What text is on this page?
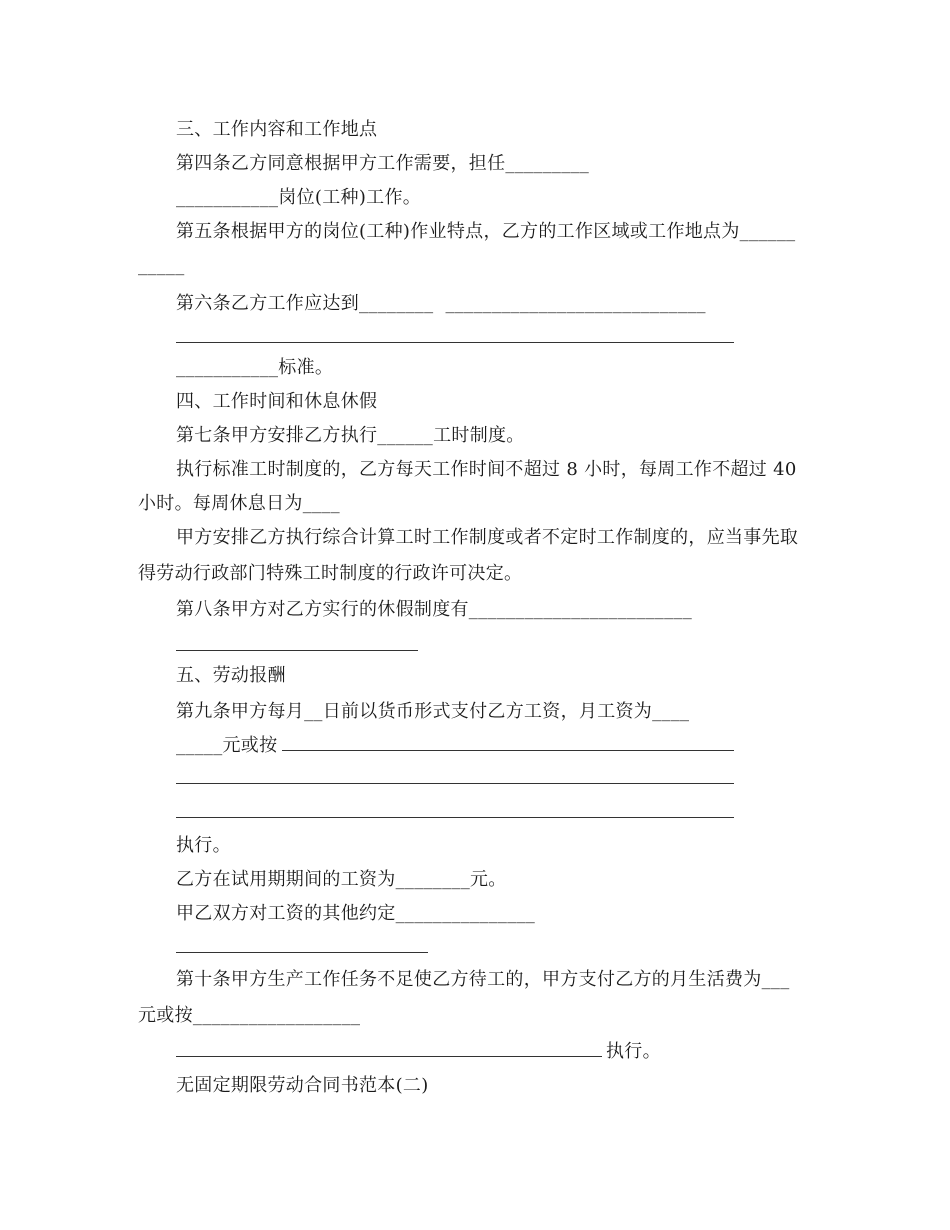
三、工作内容和工作地点
第四条乙方同意根据甲方工作需要，担任_________
___________岗位(工种)工作。
第五条根据甲方的岗位(工种)作业特点，乙方的工作区域或工作地点为______
_____
第六条乙方工作应达到________  ____________________________
___________标准。
四、工作时间和休息休假
第七条甲方安排乙方执行______工时制度。
执行标准工时制度的，乙方每天工作时间不超过 8 小时，每周工作不超过 40
小时。每周休息日为____
甲方安排乙方执行综合计算工时工作制度或者不定时工作制度的，应当事先取
得劳动行政部门特殊工时制度的行政许可决定。
第八条甲方对乙方实行的休假制度有________________________
五、劳动报酬
第九条甲方每月__日前以货币形式支付乙方工资，月工资为____
_____元或按
执行。
乙方在试用期期间的工资为________元。
甲乙双方对工资的其他约定_______________
第十条甲方生产工作任务不足使乙方待工的，甲方支付乙方的月生活费为___
元或按__________________
执行。
无固定期限劳动合同书范本(二)
